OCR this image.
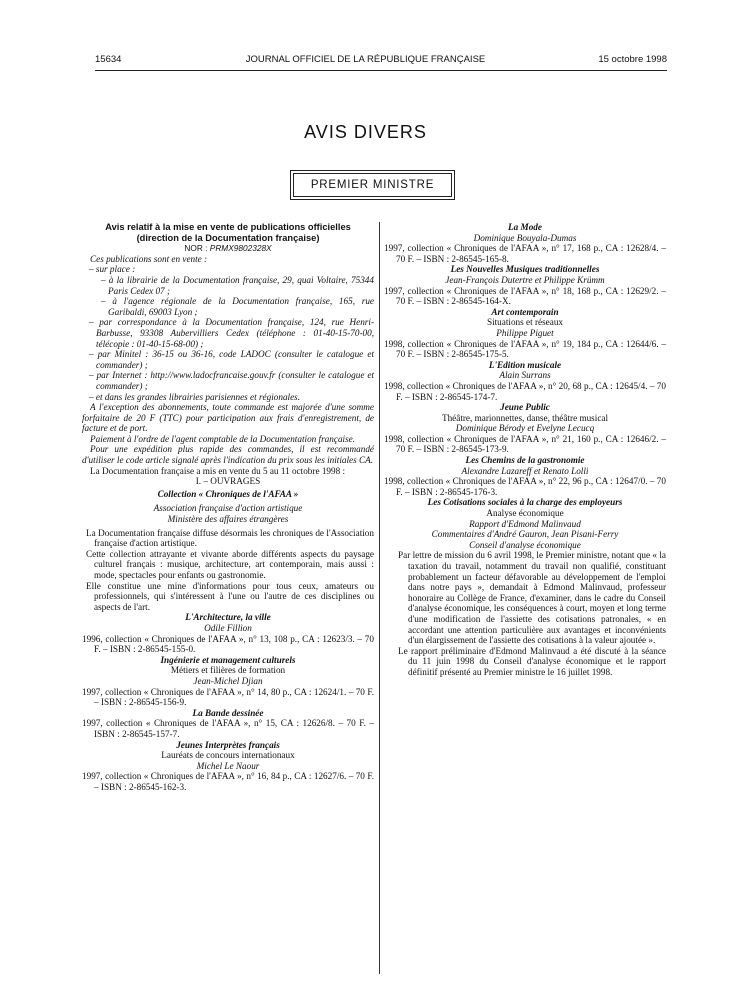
15634	JOURNAL OFFICIEL DE LA RÉPUBLIQUE FRANÇAISE	15 octobre 1998
AVIS DIVERS
PREMIER MINISTRE

Avis relatif à la mise en vente de publications officielles

(direction de la Documentation française)

NOR : PRMX9802328X

Ces publications sont en vente :

– sur place :

– à la librairie de la Documentation française, 29, quai Voltaire, 75344 Paris Cedex 07 ;

– à l'agence régionale de la Documentation française, 165, rue Garibaldi, 69003 Lyon ;

– par correspondance à la Documentation française, 124, rue Henri-Barbusse, 93308 Aubervilliers Cedex (téléphone : 01-40-15-70-00, télécopie : 01-40-15-68-00) ;

– par Minitel : 36-15 ou 36-16, code LADOC (consulter le catalogue et commander) ;

– par Internet : http://www.ladocfrancaise.gouv.fr (consulter le catalogue et commander) ;

– et dans les grandes librairies parisiennes et régionales.

A l'exception des abonnements, toute commande est majorée d'une somme forfaitaire de 20 F (TTC) pour participation aux frais d'enregistrement, de facture et de port.

Paiement à l'ordre de l'agent comptable de la Documentation française.

Pour une expédition plus rapide des commandes, il est recommandé d'utiliser le code article signalé après l'indication du prix sous les initiales CA.

La Documentation française a mis en vente du 5 au 11 octobre 1998 :

I. – OUVRAGES

Collection « Chroniques de l'AFAA »

Association française d'action artistique

Ministère des affaires étrangères

La Documentation française diffuse désormais les chroniques de l'Association française d'action artistique.

Cette collection attrayante et vivante aborde différents aspects du paysage culturel français : musique, architecture, art contemporain, mais aussi : mode, spectacles pour enfants ou gastronomie.

Elle constitue une mine d'informations pour tous ceux, amateurs ou professionnels, qui s'intéressent à l'une ou l'autre de ces disciplines ou aspects de l'art.

L'Architecture, la ville

Odile Fillion

1996, collection « Chroniques de l'AFAA », n° 13, 108 p., CA : 12623/3. – 70 F. – ISBN : 2-86545-155-0.

Ingénierie et management culturels

Métiers et filières de formation

Jean-Michel Djian

1997, collection « Chroniques de l'AFAA », n° 14, 80 p., CA : 12624/1. – 70 F. – ISBN : 2-86545-156-9.

La Bande dessinée

1997, collection « Chroniques de l'AFAA », n° 15, CA : 12626/8. – 70 F. – ISBN : 2-86545-157-7.

Jeunes Interprètes français

Lauréats de concours internationaux

Michel Le Naour

1997, collection « Chroniques de l'AFAA », n° 16, 84 p., CA : 12627/6. – 70 F. – ISBN : 2-86545-162-3.

La Mode

Dominique Bouyala-Dumas

1997, collection « Chroniques de l'AFAA », n° 17, 168 p., CA : 12628/4. – 70 F. – ISBN : 2-86545-165-8.

Les Nouvelles Musiques traditionnelles

Jean-François Dutertre et Philippe Krümm

1997, collection « Chroniques de l'AFAA », n° 18, 168 p., CA : 12629/2. – 70 F. – ISBN : 2-86545-164-X.

Art contemporain

Situations et réseaux

Philippe Piguet

1998, collection « Chroniques de l'AFAA », n° 19, 184 p., CA : 12644/6. – 70 F. – ISBN : 2-86545-175-5.

L'Edition musicale

Alain Surrans

1998, collection « Chroniques de l'AFAA », n° 20, 68 p., CA : 12645/4. – 70 F. – ISBN : 2-86545-174-7.

Jeune Public

Théâtre, marionnettes, danse, théâtre musical

Dominique Bérody et Evelyne Lecucq

1998, collection « Chroniques de l'AFAA », n° 21, 160 p., CA : 12646/2. – 70 F. – ISBN : 2-86545-173-9.

Les Chemins de la gastronomie

Alexandre Lazareff et Renato Lolli

1998, collection « Chroniques de l'AFAA », n° 22, 96 p., CA : 12647/0. – 70 F. – ISBN : 2-86545-176-3.

Les Cotisations sociales à la charge des employeurs

Analyse économique

Rapport d'Edmond Malinvaud

Commentaires d'André Gauron, Jean Pisani-Ferry

Conseil d'analyse économique

Par lettre de mission du 6 avril 1998, le Premier ministre, notant que « la taxation du travail, notamment du travail non qualifié, constituant probablement un facteur défavorable au développement de l'emploi dans notre pays », demandait à Edmond Malinvaud, professeur honoraire au Collège de France, d'examiner, dans le cadre du Conseil d'analyse économique, les conséquences à court, moyen et long terme d'une modification de l'assiette des cotisations patronales, « en accordant une attention particulière aux avantages et inconvénients d'un élargissement de l'assiette des cotisations à la valeur ajoutée ».

Le rapport préliminaire d'Edmond Malinvaud a été discuté à la séance du 11 juin 1998 du Conseil d'analyse économique et le rapport définitif présenté au Premier ministre le 16 juillet 1998.
